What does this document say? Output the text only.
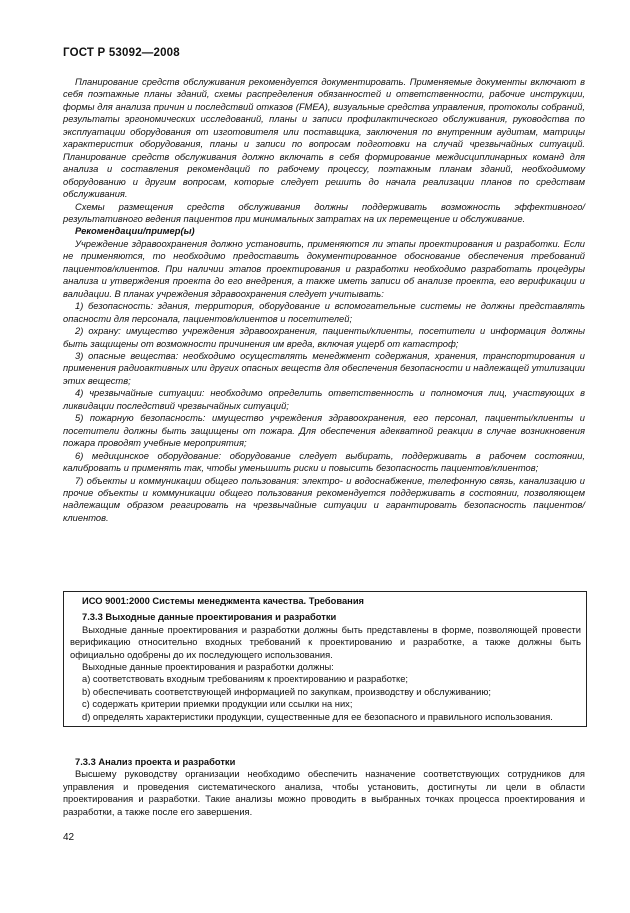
ГОСТ Р 53092—2008

Планирование средств обслуживания рекомендуется документировать. Применяемые документы включают в себя поэтажные планы зданий, схемы распределения обязанностей и ответственности, рабочие инструкции, формы для анализа причин и последствий отказов (FMEA), визуальные средства управления, протоколы собраний, результаты эргономических исследований, планы и записи профилактического обслуживания, руководства по эксплуатации оборудования от изготовителя или поставщика, заключения по внутренним аудитам, матрицы характеристик оборудования, планы и записи по вопросам подготовки на случай чрезвычайных ситуаций. Планирование средств обслуживания должно включать в себя формирование междисциплинарных команд для анализа и составления рекомендаций по рабочему процессу, поэтажным планам зданий, необходимому оборудованию и другим вопросам, которые следует решить до начала реализации планов по средствам обслуживания.

Схемы размещения средств обслуживания должны поддерживать возможность эффективного/результативного ведения пациентов при минимальных затратах на их перемещение и обслуживание.

Рекомендации/пример(ы)

Учреждение здравоохранения должно установить, применяются ли этапы проектирования и разработки. Если не применяются, то необходимо предоставить документированное обоснование обеспечения требований пациентов/клиентов. При наличии этапов проектирования и разработки необходимо разработать процедуры анализа и утверждения проекта до его внедрения, а также иметь записи об анализе проекта, его верификации и валидации. В планах учреждения здравоохранения следует учитывать:

1) безопасность: здания, территория, оборудование и вспомогательные системы не должны представлять опасности для персонала, пациентов/клиентов и посетителей;

2) охрану: имущество учреждения здравоохранения, пациенты/клиенты, посетители и информация должны быть защищены от возможности причинения им вреда, включая ущерб от катастроф;

3) опасные вещества: необходимо осуществлять менеджмент содержания, хранения, транспортирования и применения радиоактивных или других опасных веществ для обеспечения безопасности и надлежащей утилизации этих веществ;

4) чрезвычайные ситуации: необходимо определить ответственность и полномочия лиц, участвующих в ликвидации последствий чрезвычайных ситуаций;

5) пожарную безопасность: имущество учреждения здравоохранения, его персонал, пациенты/клиенты и посетители должны быть защищены от пожара. Для обеспечения адекватной реакции в случае возникновения пожара проводят учебные мероприятия;

6) медицинское оборудование: оборудование следует выбирать, поддерживать в рабочем состоянии, калибровать и применять так, чтобы уменьшить риски и повысить безопасность пациентов/клиентов;

7) объекты и коммуникации общего пользования: электро- и водоснабжение, телефонную связь, канализацию и прочие объекты и коммуникации общего пользования рекомендуется поддерживать в состоянии, позволяющем надлежащим образом реагировать на чрезвычайные ситуации и гарантировать безопасность пациентов/клиентов.

ИСО 9001:2000 Системы менеджмента качества. Требования

7.3.3 Выходные данные проектирования и разработки

Выходные данные проектирования и разработки должны быть представлены в форме, позволяющей провести верификацию относительно входных требований к проектированию и разработке, а также должны быть официально одобрены до их последующего использования.

Выходные данные проектирования и разработки должны:

а) соответствовать входным требованиям к проектированию и разработке;

b) обеспечивать соответствующей информацией по закупкам, производству и обслуживанию;

c) содержать критерии приемки продукции или ссылки на них;

d) определять характеристики продукции, существенные для ее безопасного и правильного использования.

7.3.3 Анализ проекта и разработки

Высшему руководству организации необходимо обеспечить назначение соответствующих сотрудников для управления и проведения систематического анализа, чтобы установить, достигнуты ли цели в области проектирования и разработки. Такие анализы можно проводить в выбранных точках процесса проектирования и разработки, а также после его завершения.

42
